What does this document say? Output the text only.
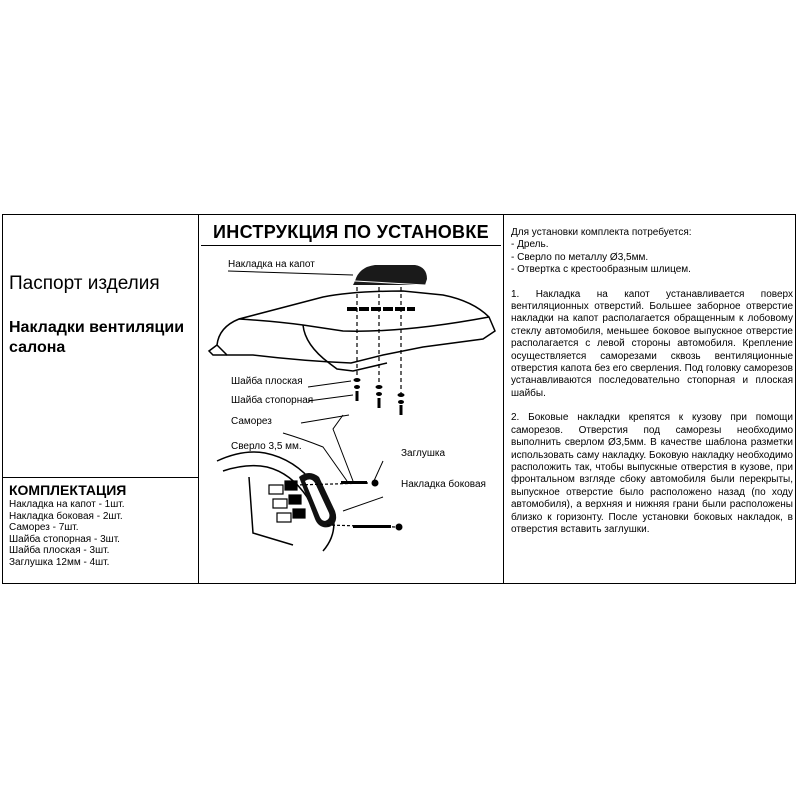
Паспорт изделия
Накладки вентиляции салона
КОМПЛЕКТАЦИЯ
Накладка на капот - 1шт.
Накладка боковая - 2шт.
Саморез - 7шт.
Шайба стопорная - 3шт.
Шайба плоская - 3шт.
Заглушка 12мм - 4шт.
ИНСТРУКЦИЯ ПО УСТАНОВКЕ
Накладка на капот
Шайба плоская
Шайба стопорная
Саморез
Сверло 3,5 мм.
Заглушка
Накладка боковая

Для установки комплекта потребуется:

- Дрель.

- Сверло по металлу Ø3,5мм.

- Отвертка с крестообразным шлицем.

1. Накладка на капот устанавливается поверх вентиляционных отверстий. Большее заборное отверстие накладки на капот располагается обращенным к лобовому стеклу автомобиля, меньшее боковое выпускное отверстие располагается с левой стороны автомобиля. Крепление осуществляется саморезами сквозь вентиляционные отверстия капота без его сверления. Под головку саморезов устанавливаются последовательно стопорная и плоская шайбы.

2. Боковые накладки крепятся к кузову при помощи саморезов. Отверстия под саморезы необходимо выполнить сверлом Ø3,5мм. В качестве шаблона разметки использовать саму накладку. Боковую накладку необходимо расположить так, чтобы выпускные отверстия в кузове, при фронтальном взгляде сбоку автомобиля были перекрыты, выпускное отверстие было расположено назад (по ходу автомобиля), а верхняя и нижняя грани были расположены близко к горизонту. После установки боковых накладок, в отверстия вставить заглушки.
